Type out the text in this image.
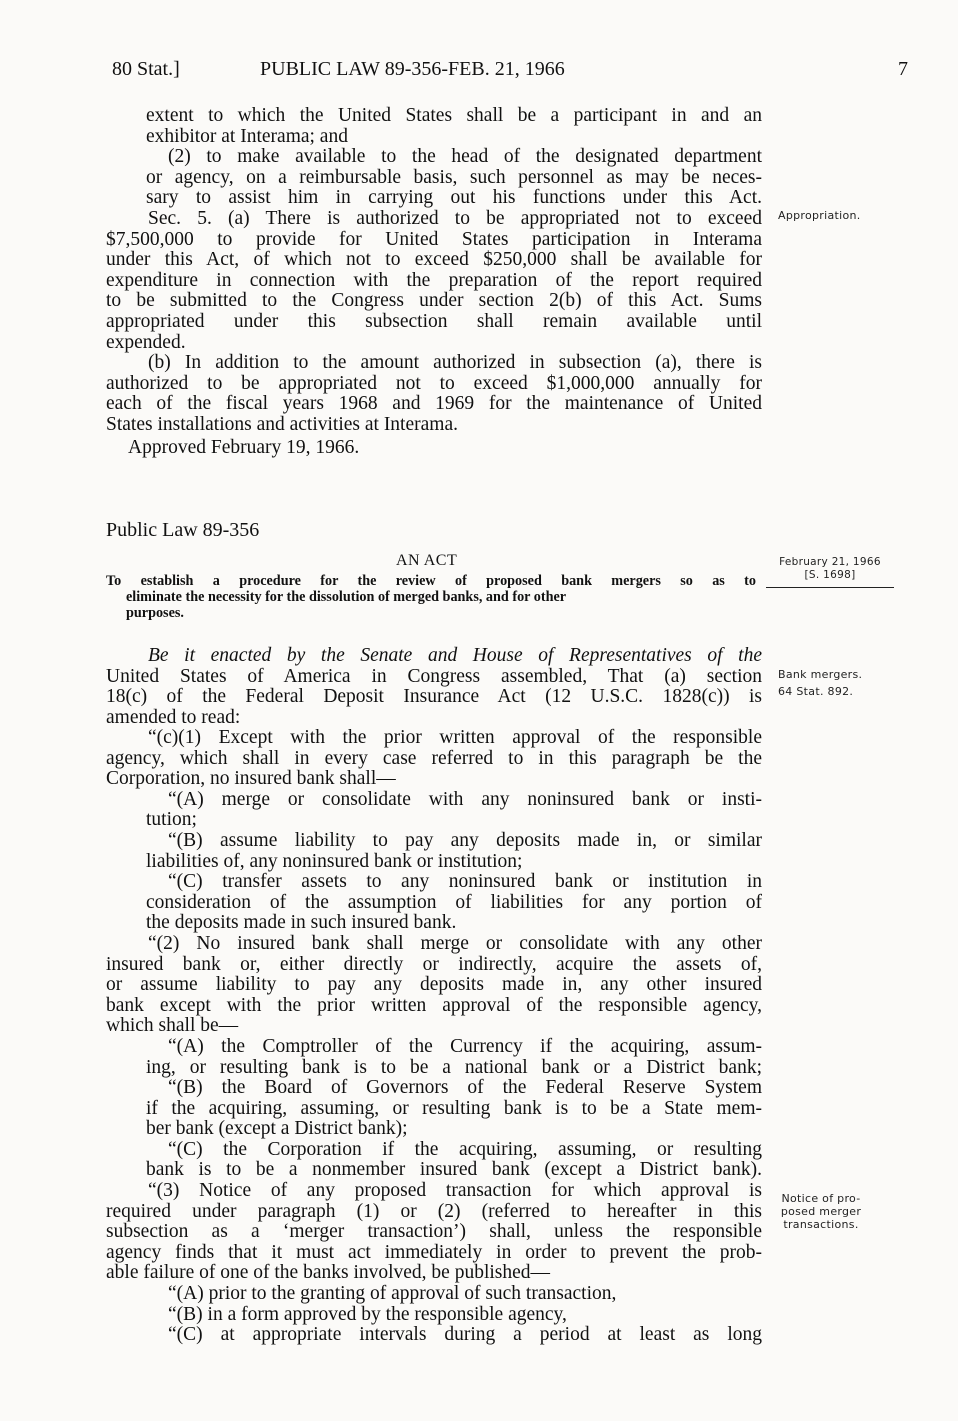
80 Stat.]	PUBLIC LAW 89-356-FEB. 21, 1966	7
extent to which the United States shall be a participant in and an
exhibitor at Interama; and
(2) to make available to the head of the designated department
or agency, on a reimbursable basis, such personnel as may be neces-
sary to assist him in carrying out his functions under this Act.
Sec. 5. (a) There is authorized to be appropriated not to exceed
$7,500,000 to provide for United States participation in Interama
under this Act, of which not to exceed $250,000 shall be available for
expenditure in connection with the preparation of the report required
to be submitted to the Congress under section 2(b) of this Act. Sums
appropriated under this subsection shall remain available until
expended.
(b) In addition to the amount authorized in subsection (a), there is
authorized to be appropriated not to exceed $1,000,000 annually for
each of the fiscal years 1968 and 1969 for the maintenance of United
States installations and activities at Interama.
Approved February 19, 1966.
Public Law 89-356
AN ACT
To establish a procedure for the review of proposed bank mergers so as to
eliminate the necessity for the dissolution of merged banks, and for other
purposes.
Be it enacted by the Senate and House of Representatives of the
United States of America in Congress assembled, That (a) section
18(c) of the Federal Deposit Insurance Act (12 U.S.C. 1828(c)) is
amended to read:
“(c)(1) Except with the prior written approval of the responsible
agency, which shall in every case referred to in this paragraph be the
Corporation, no insured bank shall—
“(A) merge or consolidate with any noninsured bank or insti-
tution;
“(B) assume liability to pay any deposits made in, or similar
liabilities of, any noninsured bank or institution;
“(C) transfer assets to any noninsured bank or institution in
consideration of the assumption of liabilities for any portion of
the deposits made in such insured bank.
“(2) No insured bank shall merge or consolidate with any other
insured bank or, either directly or indirectly, acquire the assets of,
or assume liability to pay any deposits made in, any other insured
bank except with the prior written approval of the responsible agency,
which shall be—
“(A) the Comptroller of the Currency if the acquiring, assum-
ing, or resulting bank is to be a national bank or a District bank;
“(B) the Board of Governors of the Federal Reserve System
if the acquiring, assuming, or resulting bank is to be a State mem-
ber bank (except a District bank);
“(C) the Corporation if the acquiring, assuming, or resulting
bank is to be a nonmember insured bank (except a District bank).
“(3) Notice of any proposed transaction for which approval is
required under paragraph (1) or (2) (referred to hereafter in this
subsection as a ‘merger transaction’) shall, unless the responsible
agency finds that it must act immediately in order to prevent the prob-
able failure of one of the banks involved, be published—
“(A) prior to the granting of approval of such transaction,
“(B) in a form approved by the responsible agency,
“(C) at appropriate intervals during a period at least as long
Appropriation.
February 21, 1966
[S. 1698]
Bank mergers.
64 Stat. 892.
Notice of pro-
posed merger
transactions.
